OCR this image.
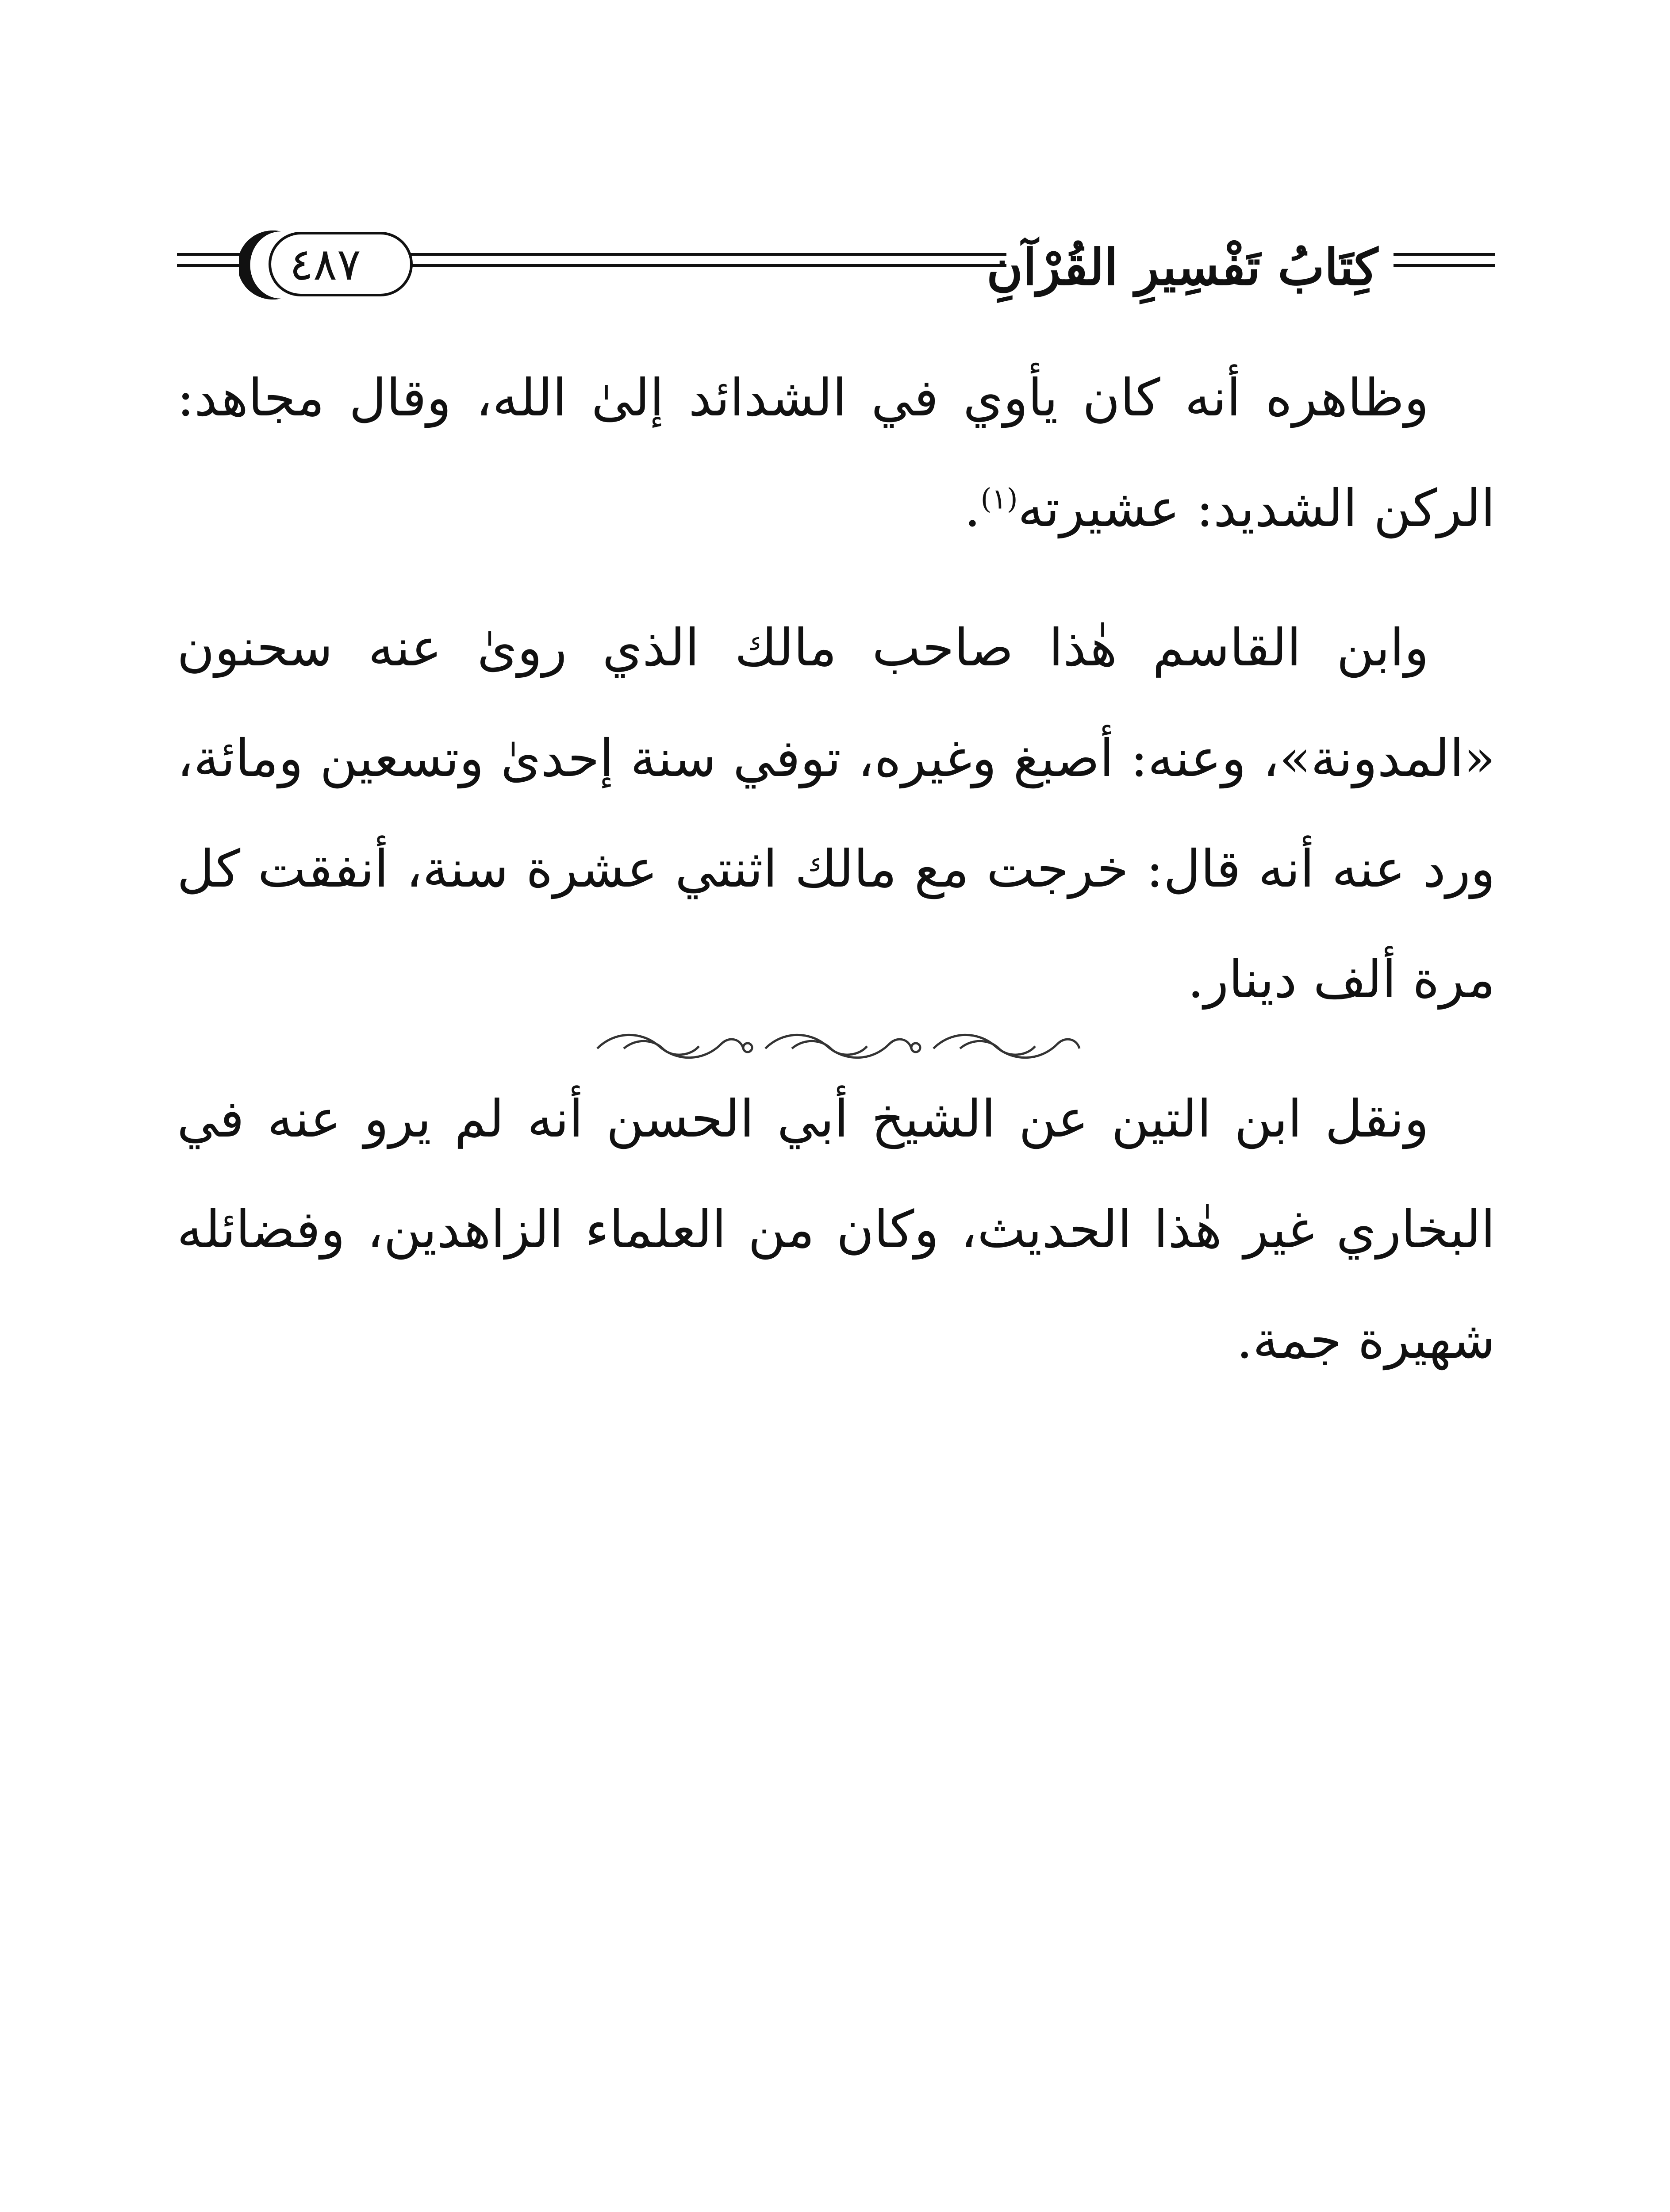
٤٨٧	كِتَابُ تَفْسِيرِ القُرْآنِ

وظاهره أنه كان يأوي في الشدائد إلىٰ الله، وقال مجاهد: الركن الشديد: عشيرته$^{(١)}$.

وابن القاسم هٰذا صاحب مالك الذي روىٰ عنه سحنون «المدونة»، وعنه: أصبغ وغيره، توفي سنة إحدىٰ وتسعين ومائة، ورد عنه أنه قال: خرجت مع مالك اثنتي عشرة سنة، أنفقت كل مرة ألف دينار.

ونقل ابن التين عن الشيخ أبي الحسن أنه لم يرو عنه في البخاري غير هٰذا الحديث، وكان من العلماء الزاهدين، وفضائله شهيرة جمة.
